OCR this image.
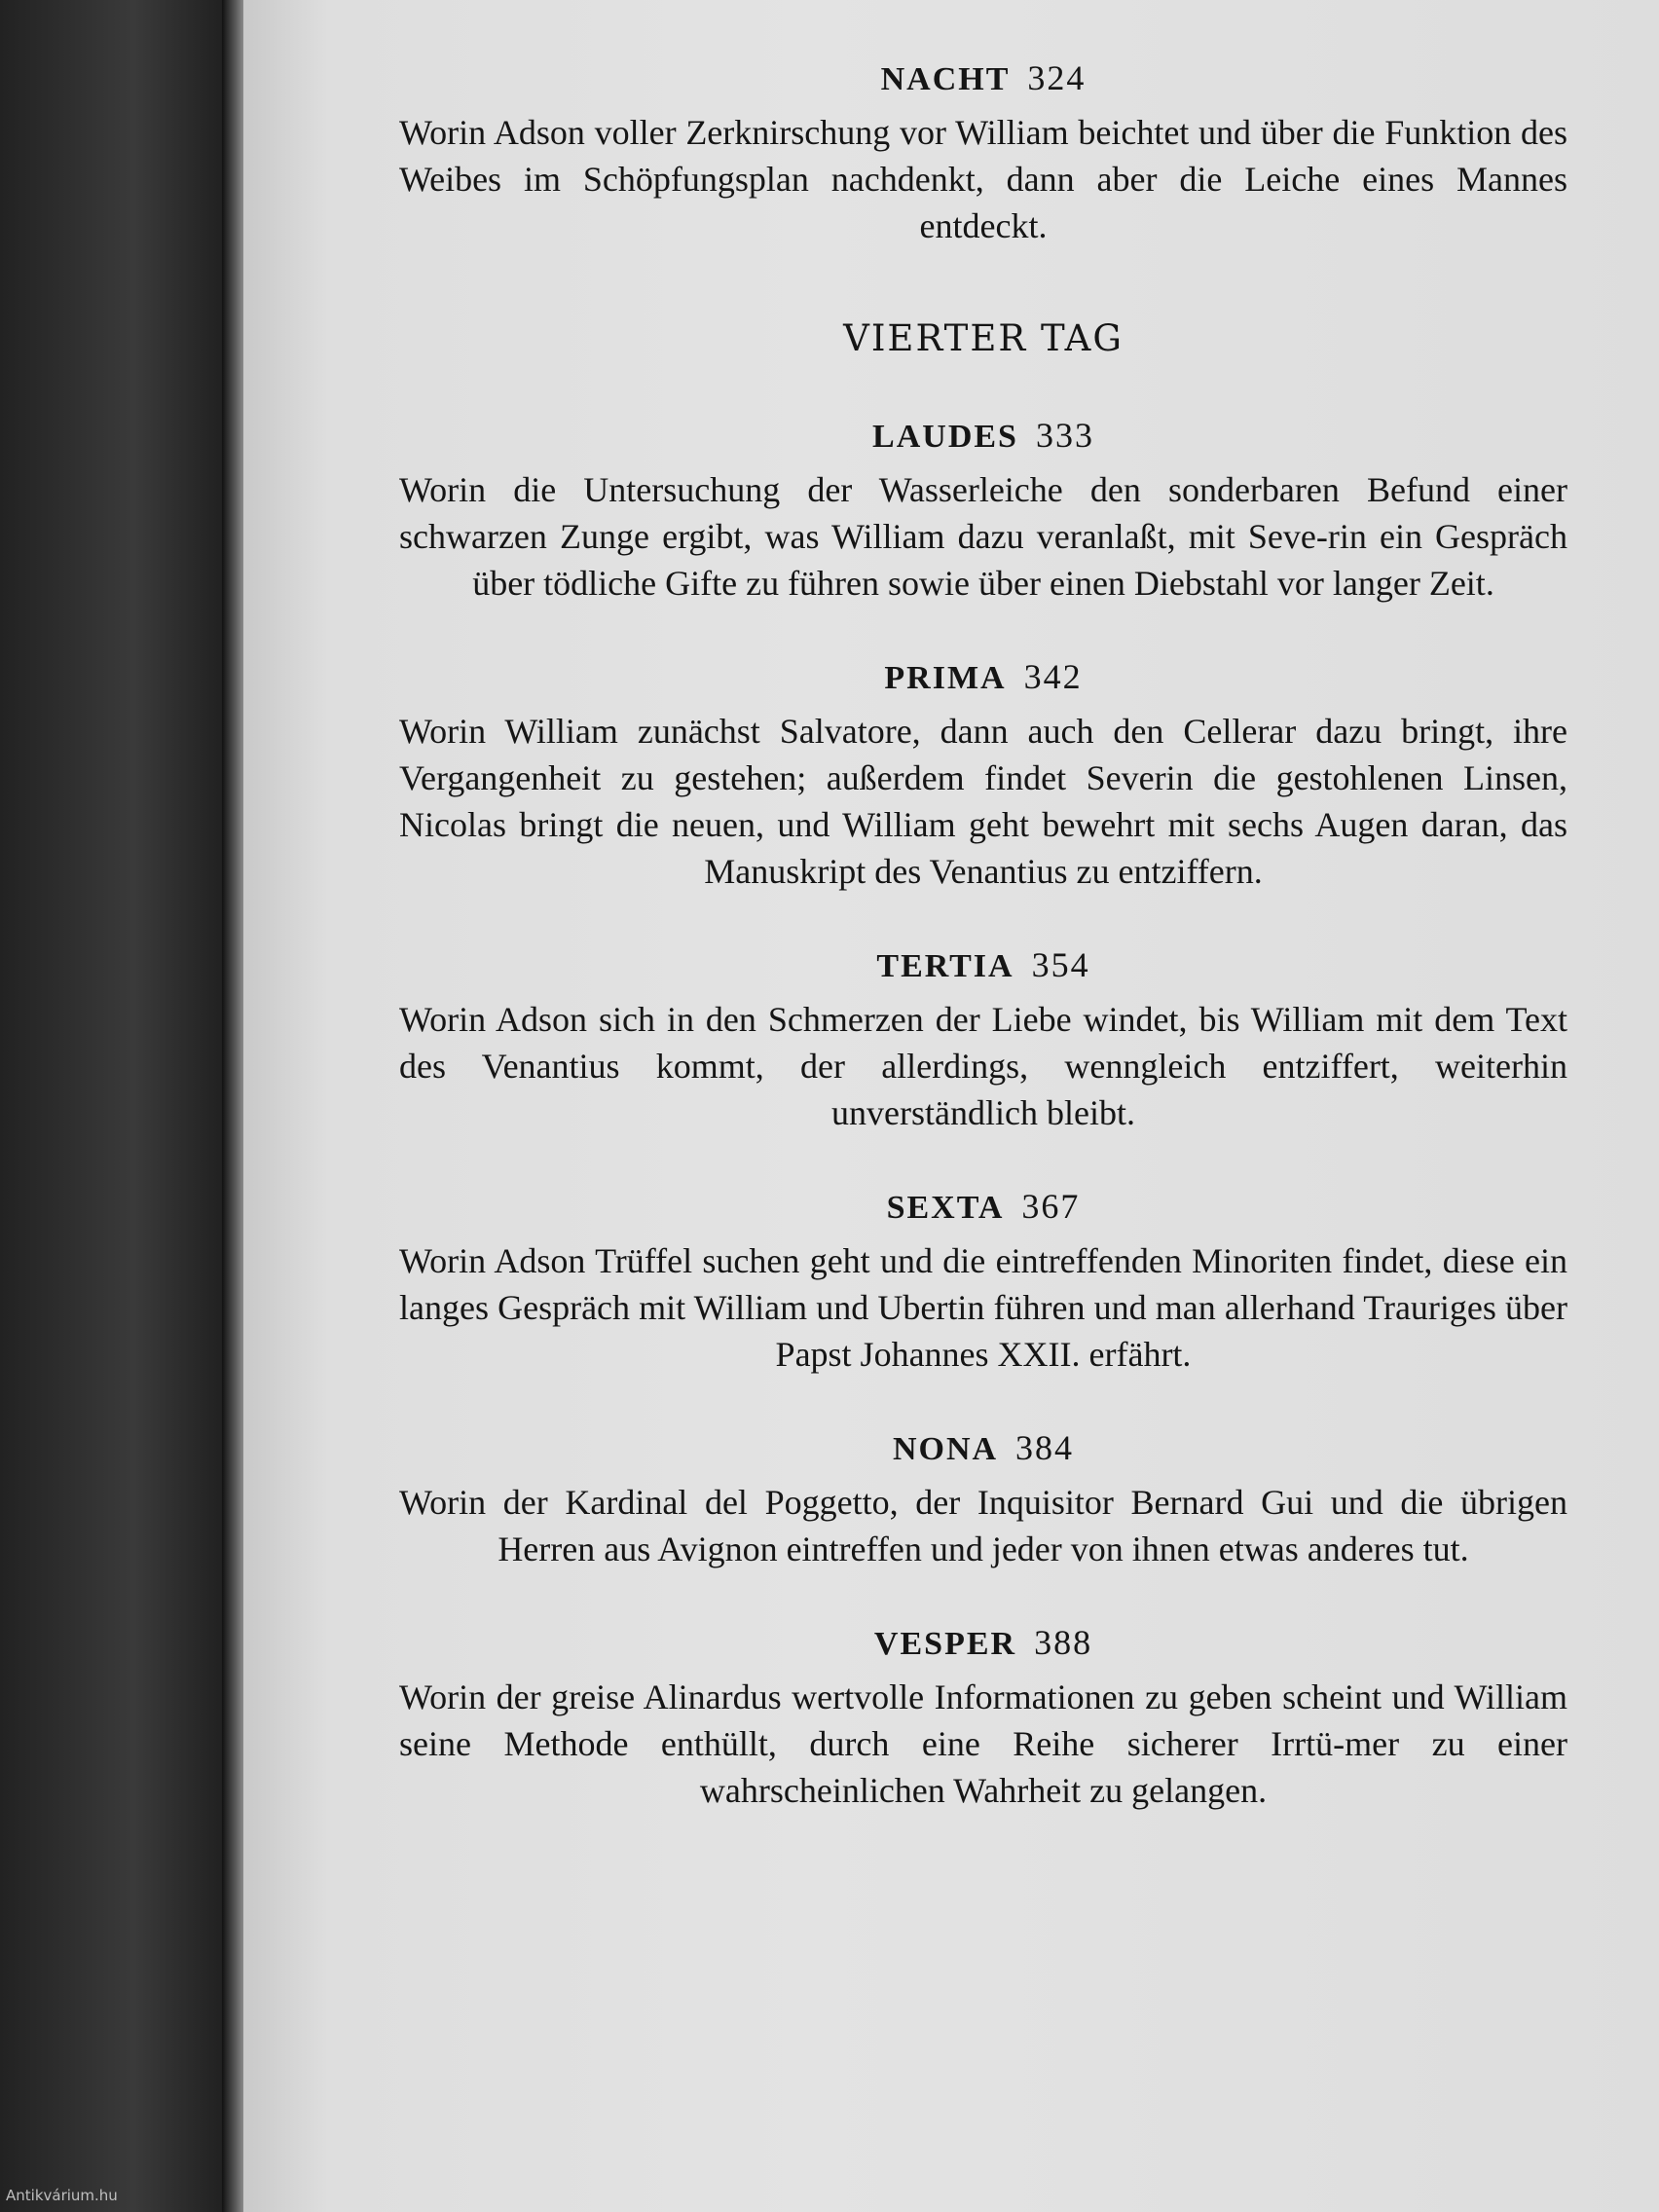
NACHT 324
Worin Adson voller Zerknirschung vor William beichtet und über die Funktion des Weibes im Schöpfungsplan nachdenkt, dann aber die Leiche eines Mannes entdeckt.
VIERTER TAG
LAUDES 333
Worin die Untersuchung der Wasserleiche den sonderbaren Befund einer schwarzen Zunge ergibt, was William dazu veranlaßt, mit Seve-rin ein Gespräch über tödliche Gifte zu führen sowie über einen Diebstahl vor langer Zeit.
PRIMA 342
Worin William zunächst Salvatore, dann auch den Cellerar dazu bringt, ihre Vergangenheit zu gestehen; außerdem findet Severin die gestohlenen Linsen, Nicolas bringt die neuen, und William geht bewehrt mit sechs Augen daran, das Manuskript des Venantius zu entziffern.
TERTIA 354
Worin Adson sich in den Schmerzen der Liebe windet, bis William mit dem Text des Venantius kommt, der allerdings, wenngleich entziffert, weiterhin unverständlich bleibt.
SEXTA 367
Worin Adson Trüffel suchen geht und die eintreffenden Minoriten findet, diese ein langes Gespräch mit William und Ubertin führen und man allerhand Trauriges über Papst Johannes XXII. erfährt.
NONA 384
Worin der Kardinal del Poggetto, der Inquisitor Bernard Gui und die übrigen Herren aus Avignon eintreffen und jeder von ihnen etwas anderes tut.
VESPER 388
Worin der greise Alinardus wertvolle Informationen zu geben scheint und William seine Methode enthüllt, durch eine Reihe sicherer Irrtü-mer zu einer wahrscheinlichen Wahrheit zu gelangen.
Antikvárium.hu
